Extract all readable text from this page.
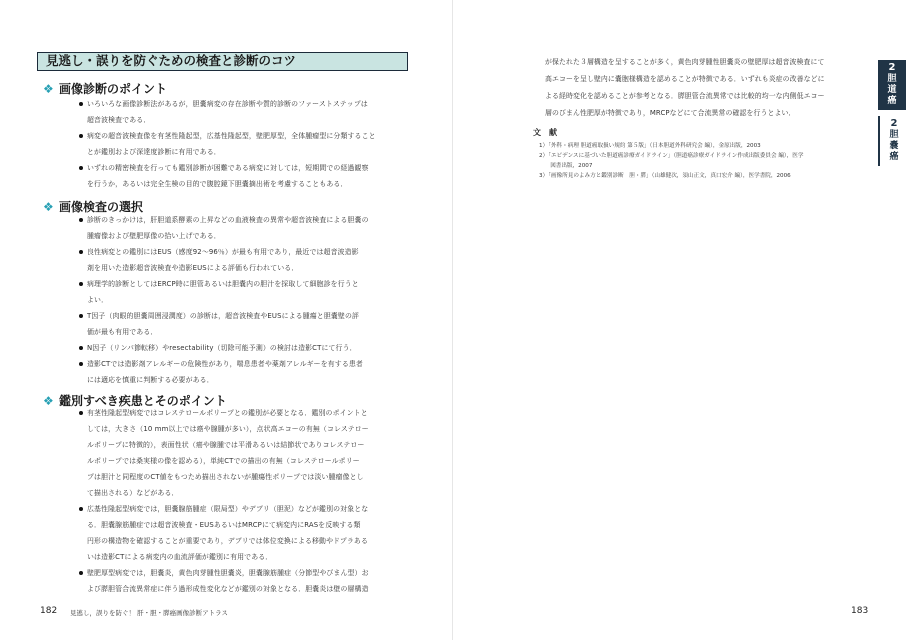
見逃し・誤りを防ぐための検査と診断のコツ
❖ 画像診断のポイント
いろいろな画像診断法があるが，胆嚢病変の存在診断や質的診断のファーストステップは
超音波検査である．
病変の超音波検査像を有茎性隆起型，広基性隆起型，壁肥厚型，全体腫瘤型に分類すること
とが鑑別および深達度診断に有用である．
いずれの精密検査を行っても鑑別診断が困難である病変に対しては，短期間での経過観察
を行うか，あるいは完全生検の目的で腹腔鏡下胆嚢摘出術を考慮することもある．
❖ 画像検査の選択
診断のきっかけは，肝胆道系酵素の上昇などの血液検査の異常や超音波検査による胆嚢の
腫瘤像および壁肥厚像の拾い上げである．
良性病変との鑑別にはEUS（感度92〜96％）が最も有用であり，最近では超音波造影
剤を用いた造影超音波検査や造影EUSによる評価も行われている．
病理学的診断としてはERCP時に胆管あるいは胆嚢内の胆汁を採取して細胞診を行うと
よい．
T因子（肉眼的胆嚢周囲浸潤度）の診断は，超音波検査やEUSによる腫瘍と胆嚢壁の評
価が最も有用である．
N因子（リンパ節転移）やresectability（切除可能予測）の検討は造影CTにて行う．
造影CTでは造影剤アレルギーの危険性があり，喘息患者や薬剤アレルギーを有する患者
には適応を慎重に判断する必要がある．
❖ 鑑別すべき疾患とそのポイント
有茎性隆起型病変ではコレステロールポリープとの鑑別が必要となる．鑑別のポイントと
しては，大きさ（10 mm以上では癌や腺腫が多い），点状高エコーの有無（コレステロー
ルポリープに特徴的），表面性状（癌や腺腫では平滑あるいは結節状でありコレステロー
ルポリープでは桑実様の像を認める），単純CTでの描出の有無（コレステロールポリー
プは胆汁と同程度のCT値をもつため描出されないが腫瘍性ポリープでは淡い腫瘤像とし
て描出される）などがある．
広基性隆起型病変では，胆嚢腺筋腫症（限局型）やデブリ（胆泥）などが鑑別の対象とな
る．胆嚢腺筋腫症では超音波検査・EUSあるいはMRCPにて病変内にRASを反映する類
円形の構造物を確認することが重要であり，デブリでは体位変換による移動やドプラある
いは造影CTによる病変内の血流評価が鑑別に有用である．
壁肥厚型病変では，胆嚢炎，黄色肉芽腫性胆嚢炎，胆嚢腺筋腫症（分節型やびまん型）お
よび膵胆管合流異常症に伴う過形成性変化などが鑑別の対象となる．胆嚢炎は壁の層構造
182 見逃し，誤りを防ぐ！ 肝・胆・膵癌画像診断アトラス
が保たれた３層構造を呈することが多く，黄色肉芽腫性胆嚢炎の壁肥厚は超音波検査にて
高エコーを呈し壁内に嚢胞様構造を認めることが特徴である．いずれも炎症の改善などに
よる経時変化を認めることが参考となる．膵胆管合流異常では比較的均一な内側低エコー
層のびまん性肥厚が特徴であり，MRCPなどにて合流異常の確認を行うとよい．
文　献
1）「外科・病理 胆道癌取扱い規約 第５版」（日本胆道外科研究会 編），金原出版，2003
2）「エビデンスに基づいた胆道癌診療ガイドライン」（胆道癌診療ガイドライン作成出版委員会 編），医学
　　図書出版，2007
3）「画像所見のよみ方と鑑別診断　胆・膵」（山雄健次，須山正文，真口宏介 編），医学書院，2006
2
胆
道
癌
2
胆
嚢
癌
183
